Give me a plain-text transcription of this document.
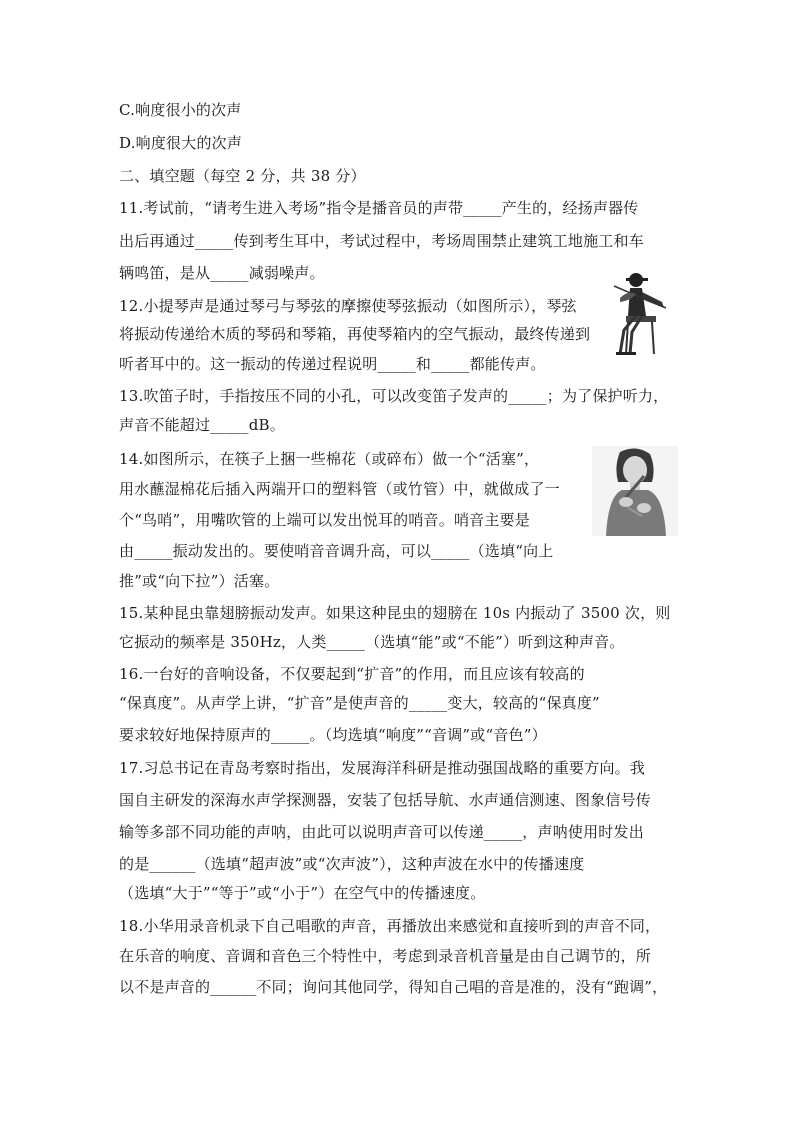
C.响度很小的次声
D.响度很大的次声
二、填空题（每空 2 分，共 38 分）
11.考试前，“请考生进入考场”指令是播音员的声带_____产生的，经扬声器传
出后再通过_____传到考生耳中，考试过程中，考场周围禁止建筑工地施工和车
辆鸣笛，是从_____减弱噪声。
12.小提琴声是通过琴弓与琴弦的摩擦使琴弦振动（如图所示），琴弦
将振动传递给木质的琴码和琴箱，再使琴箱内的空气振动，最终传递到
听者耳中的。这一振动的传递过程说明_____和_____都能传声。
13.吹笛子时，手指按压不同的小孔，可以改变笛子发声的_____；为了保护听力，
声音不能超过_____dB。
14.如图所示，在筷子上捆一些棉花（或碎布）做一个“活塞”，
用水蘸湿棉花后插入两端开口的塑料管（或竹管）中，就做成了一
个“鸟哨”，用嘴吹管的上端可以发出悦耳的哨音。哨音主要是
由_____振动发出的。要使哨音音调升高，可以_____（选填“向上
推”或“向下拉”）活塞。
15.某种昆虫靠翅膀振动发声。如果这种昆虫的翅膀在 10s 内振动了 3500 次，则
它振动的频率是 350Hz，人类_____（选填“能”或“不能”）听到这种声音。
16.一台好的音响设备，不仅要起到“扩音”的作用，而且应该有较高的
“保真度”。从声学上讲，“扩音”是使声音的_____变大，较高的“保真度”
要求较好地保持原声的_____。（均选填“响度”“音调”或“音色”）
17.习总书记在青岛考察时指出，发展海洋科研是推动强国战略的重要方向。我
国自主研发的深海水声学探测器，安装了包括导航、水声通信测速、图象信号传
输等多部不同功能的声呐，由此可以说明声音可以传递_____，声呐使用时发出
的是______（选填“超声波”或“次声波”），这种声波在水中的传播速度
（选填“大于”“等于”或“小于”）在空气中的传播速度。
18.小华用录音机录下自己唱歌的声音，再播放出来感觉和直接听到的声音不同，
在乐音的响度、音调和音色三个特性中，考虑到录音机音量是由自己调节的，所
以不是声音的______不同；询问其他同学，得知自己唱的音是准的，没有“跑调”，
